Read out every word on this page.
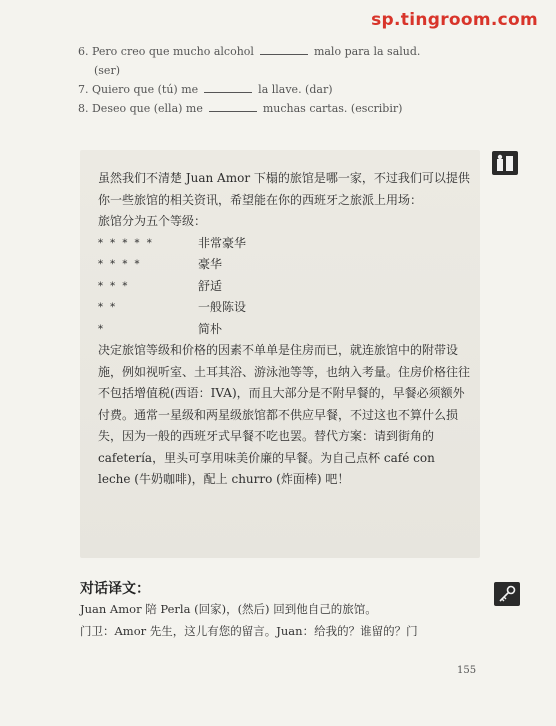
sp.tingroom.com
6. Pero creo que mucho alcohol	malo para la salud.
(ser)
7. Quiero que (tú) me	la llave. (dar)
8. Deseo que (ella) me	muchas cartas. (escribir)

虽然我们不清楚 Juan Amor 下榻的旅馆是哪一家，不过我们可以提供你一些旅馆的相关资讯，希望能在你的西班牙之旅派上用场：

旅馆分为五个等级：

* * * * *	非常豪华
* * * *	豪华
* * *	舒适
* *	一般陈设
*	简朴

决定旅馆等级和价格的因素不单单是住房而已，就连旅馆中的附带设施，例如视听室、土耳其浴、游泳池等等，也纳入考量。住房价格往往不包括增值税(西语：IVA)，而且大部分是不附早餐的，早餐必须额外付费。通常一星级和两星级旅馆都不供应早餐，不过这也不算什么损失，因为一般的西班牙式早餐不吃也罢。替代方案：请到街角的 cafetería，里头可享用味美价廉的早餐。为自己点杯 café con leche (牛奶咖啡)，配上 churro (炸面棒) 吧！

对话译文：

Juan Amor 陪 Perla (回家)，(然后) 回到他自己的旅馆。

门卫：Amor 先生，这儿有您的留言。Juan：给我的？谁留的？门

155
